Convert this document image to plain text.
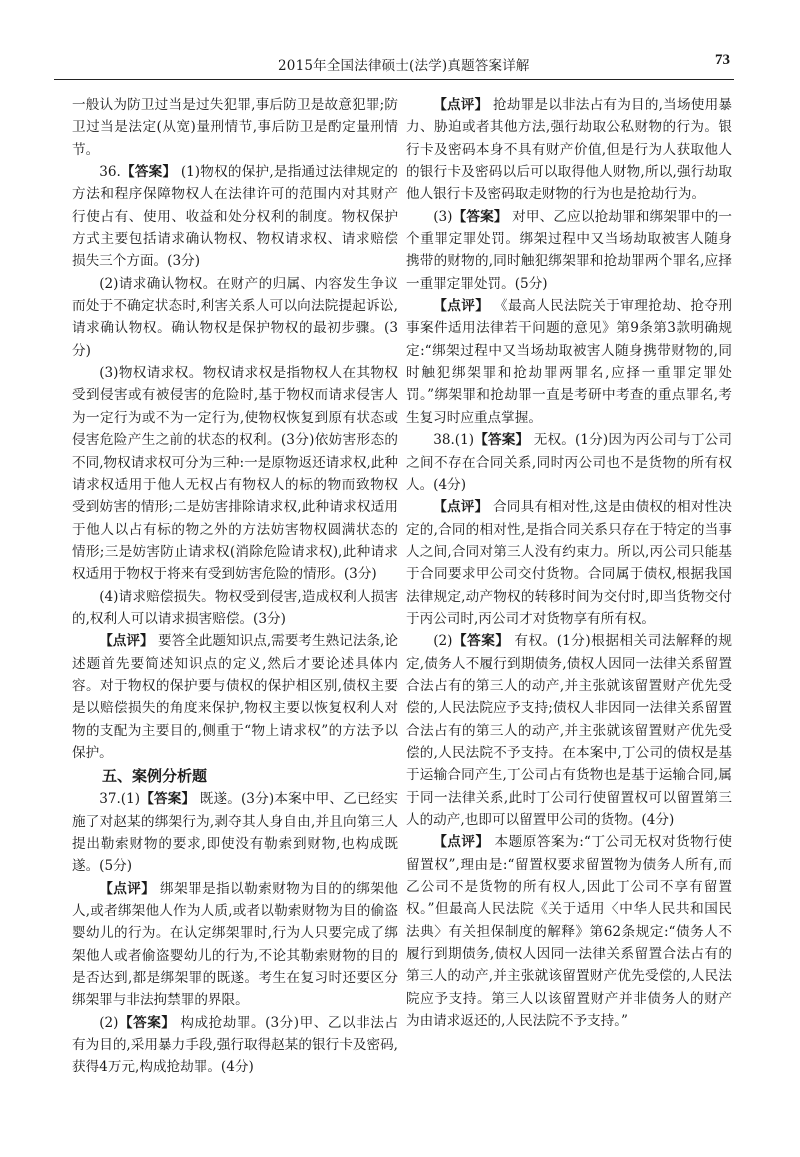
2015年全国法律硕士(法学)真题答案详解	73

一般认为防卫过当是过失犯罪,事后防卫是故意犯罪;防卫过当是法定(从宽)量刑情节,事后防卫是酌定量刑情节。

36.【答案】 (1)物权的保护,是指通过法律规定的方法和程序保障物权人在法律许可的范围内对其财产行使占有、使用、收益和处分权利的制度。物权保护方式主要包括请求确认物权、物权请求权、请求赔偿损失三个方面。(3分)

(2)请求确认物权。在财产的归属、内容发生争议而处于不确定状态时,利害关系人可以向法院提起诉讼,请求确认物权。确认物权是保护物权的最初步骤。(3分)

(3)物权请求权。物权请求权是指物权人在其物权受到侵害或有被侵害的危险时,基于物权而请求侵害人为一定行为或不为一定行为,使物权恢复到原有状态或侵害危险产生之前的状态的权利。(3分)依妨害形态的不同,物权请求权可分为三种:一是原物返还请求权,此种请求权适用于他人无权占有物权人的标的物而致物权受到妨害的情形;二是妨害排除请求权,此种请求权适用于他人以占有标的物之外的方法妨害物权圆满状态的情形;三是妨害防止请求权(消除危险请求权),此种请求权适用于物权于将来有受到妨害危险的情形。(3分)

(4)请求赔偿损失。物权受到侵害,造成权利人损害的,权利人可以请求损害赔偿。(3分)

【点评】 要答全此题知识点,需要考生熟记法条,论述题首先要简述知识点的定义,然后才要论述具体内容。对于物权的保护要与债权的保护相区别,债权主要是以赔偿损失的角度来保护,物权主要以恢复权利人对物的支配为主要目的,侧重于“物上请求权”的方法予以保护。

五、案例分析题

37.(1)【答案】 既遂。(3分)本案中甲、乙已经实施了对赵某的绑架行为,剥夺其人身自由,并且向第三人提出勒索财物的要求,即使没有勒索到财物,也构成既遂。(5分)

【点评】 绑架罪是指以勒索财物为目的的绑架他人,或者绑架他人作为人质,或者以勒索财物为目的偷盗婴幼儿的行为。在认定绑架罪时,行为人只要完成了绑架他人或者偷盗婴幼儿的行为,不论其勒索财物的目的是否达到,都是绑架罪的既遂。考生在复习时还要区分绑架罪与非法拘禁罪的界限。

(2)【答案】 构成抢劫罪。(3分)甲、乙以非法占有为目的,采用暴力手段,强行取得赵某的银行卡及密码,获得4万元,构成抢劫罪。(4分)

【点评】 抢劫罪是以非法占有为目的,当场使用暴力、胁迫或者其他方法,强行劫取公私财物的行为。银行卡及密码本身不具有财产价值,但是行为人获取他人的银行卡及密码以后可以取得他人财物,所以,强行劫取他人银行卡及密码取走财物的行为也是抢劫行为。

(3)【答案】 对甲、乙应以抢劫罪和绑架罪中的一个重罪定罪处罚。绑架过程中又当场劫取被害人随身携带的财物的,同时触犯绑架罪和抢劫罪两个罪名,应择一重罪定罪处罚。(5分)

【点评】 《最高人民法院关于审理抢劫、抢夺刑事案件适用法律若干问题的意见》第9条第3款明确规定:“绑架过程中又当场劫取被害人随身携带财物的,同时触犯绑架罪和抢劫罪两罪名,应择一重罪定罪处罚。”绑架罪和抢劫罪一直是考研中考查的重点罪名,考生复习时应重点掌握。

38.(1)【答案】 无权。(1分)因为丙公司与丁公司之间不存在合同关系,同时丙公司也不是货物的所有权人。(4分)

【点评】 合同具有相对性,这是由债权的相对性决定的,合同的相对性,是指合同关系只存在于特定的当事人之间,合同对第三人没有约束力。所以,丙公司只能基于合同要求甲公司交付货物。合同属于债权,根据我国法律规定,动产物权的转移时间为交付时,即当货物交付于丙公司时,丙公司才对货物享有所有权。

(2)【答案】 有权。(1分)根据相关司法解释的规定,债务人不履行到期债务,债权人因同一法律关系留置合法占有的第三人的动产,并主张就该留置财产优先受偿的,人民法院应予支持;债权人非因同一法律关系留置合法占有的第三人的动产,并主张就该留置财产优先受偿的,人民法院不予支持。在本案中,丁公司的债权是基于运输合同产生,丁公司占有货物也是基于运输合同,属于同一法律关系,此时丁公司行使留置权可以留置第三人的动产,也即可以留置甲公司的货物。(4分)

【点评】 本题原答案为:“丁公司无权对货物行使留置权”,理由是:“留置权要求留置物为债务人所有,而乙公司不是货物的所有权人,因此丁公司不享有留置权。”但最高人民法院《关于适用〈中华人民共和国民法典〉有关担保制度的解释》第62条规定:“债务人不履行到期债务,债权人因同一法律关系留置合法占有的第三人的动产,并主张就该留置财产优先受偿的,人民法院应予支持。第三人以该留置财产并非债务人的财产为由请求返还的,人民法院不予支持。”
